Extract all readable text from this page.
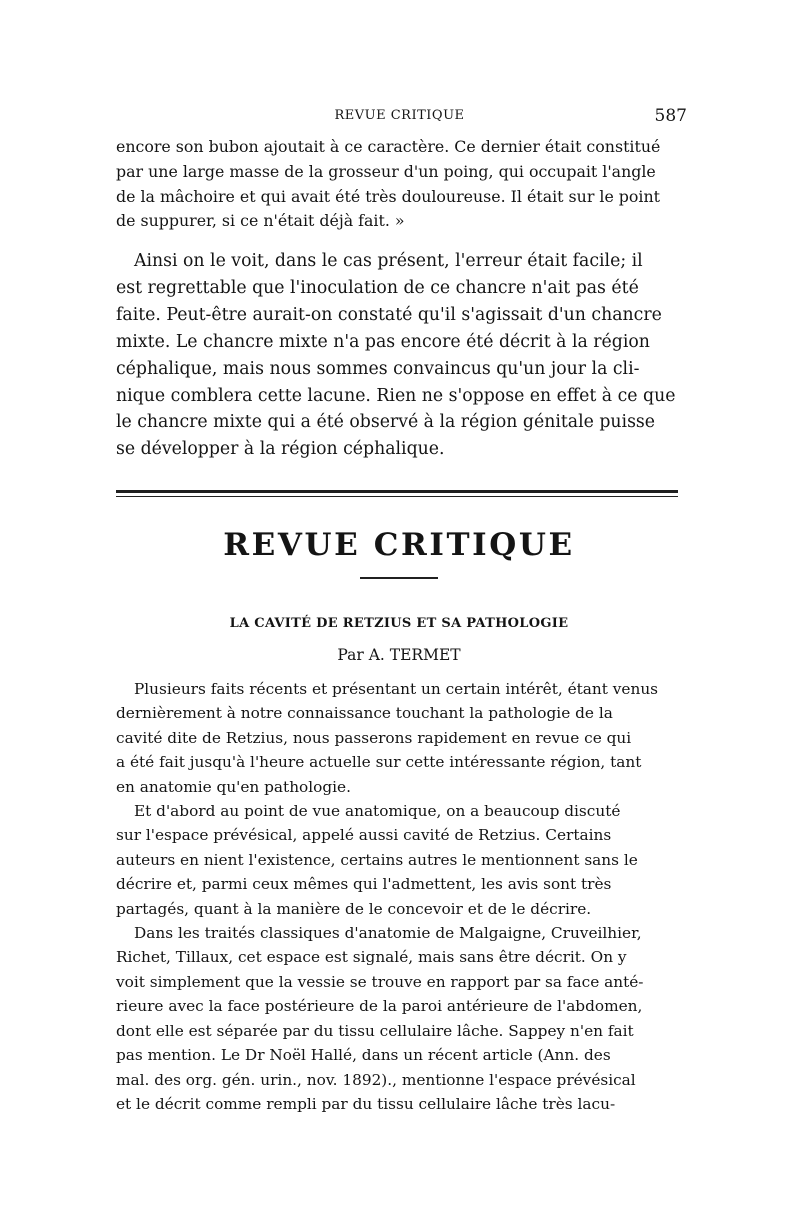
REVUE CRITIQUE	587

encore son bubon ajoutait à ce caractère. Ce dernier était constitué

par une large masse de la grosseur d'un poing, qui occupait l'angle

de la mâchoire et qui avait été très douloureuse. Il était sur le point

de suppurer, si ce n'était déjà fait. »

Ainsi on le voit, dans le cas présent, l'erreur était facile; il

est regrettable que l'inoculation de ce chancre n'ait pas été

faite. Peut-être aurait-on constaté qu'il s'agissait d'un chancre

mixte. Le chancre mixte n'a pas encore été décrit à la région

céphalique, mais nous sommes convaincus qu'un jour la cli-

nique comblera cette lacune. Rien ne s'oppose en effet à ce que

le chancre mixte qui a été observé à la région génitale puisse

se développer à la région céphalique.

REVUE CRITIQUE
LA CAVITÉ DE RETZIUS ET SA PATHOLOGIE
Par A. TERMET

Plusieurs faits récents et présentant un certain intérêt, étant venus

dernièrement à notre connaissance touchant la pathologie de la

cavité dite de Retzius, nous passerons rapidement en revue ce qui

a été fait jusqu'à l'heure actuelle sur cette intéressante région, tant

en anatomie qu'en pathologie.

Et d'abord au point de vue anatomique, on a beaucoup discuté

sur l'espace prévésical, appelé aussi cavité de Retzius. Certains

auteurs en nient l'existence, certains autres le mentionnent sans le

décrire et, parmi ceux mêmes qui l'admettent, les avis sont très

partagés, quant à la manière de le concevoir et de le décrire.

Dans les traités classiques d'anatomie de Malgaigne, Cruveilhier,

Richet, Tillaux, cet espace est signalé, mais sans être décrit. On y

voit simplement que la vessie se trouve en rapport par sa face anté-

rieure avec la face postérieure de la paroi antérieure de l'abdomen,

dont elle est séparée par du tissu cellulaire lâche. Sappey n'en fait

pas mention. Le Dr Noël Hallé, dans un récent article (Ann. des

mal. des org. gén. urin., nov. 1892)., mentionne l'espace prévésical

et le décrit comme rempli par du tissu cellulaire lâche très lacu-
